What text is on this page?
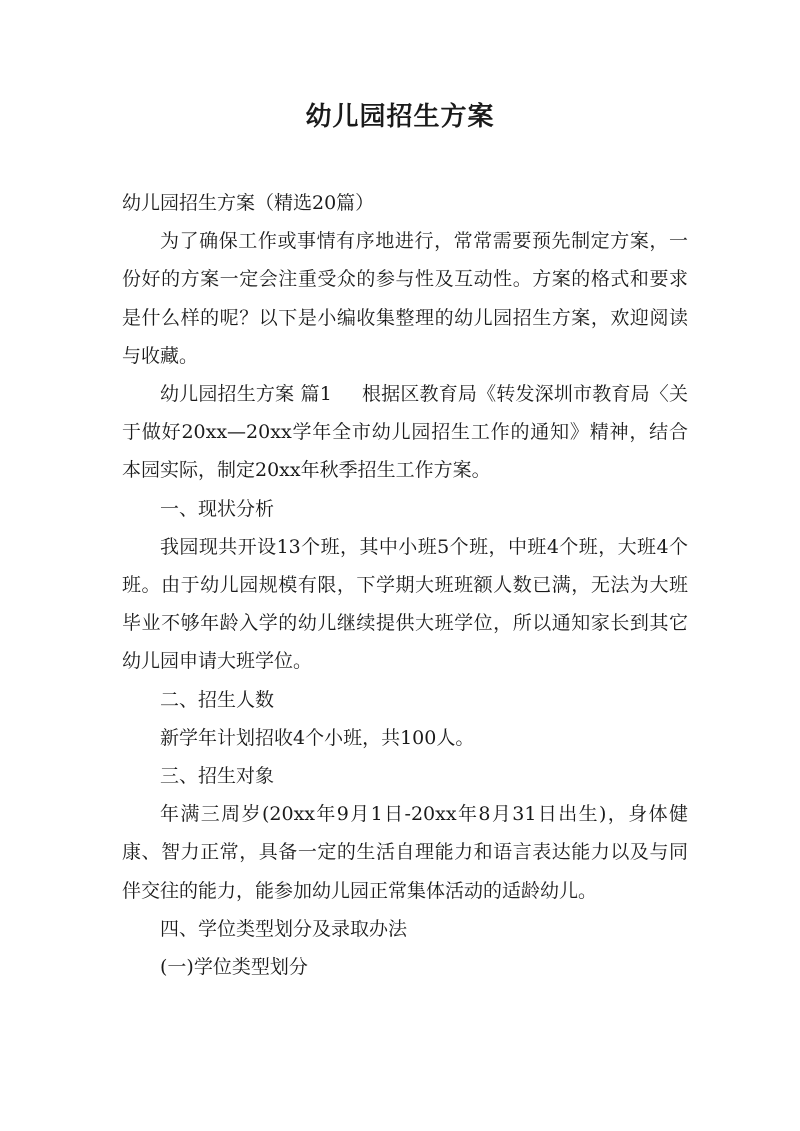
幼儿园招生方案

幼儿园招生方案（精选20篇）

为了确保工作或事情有序地进行，常常需要预先制定方案，一份好的方案一定会注重受众的参与性及互动性。方案的格式和要求是什么样的呢？以下是小编收集整理的幼儿园招生方案，欢迎阅读与收藏。

幼儿园招生方案 篇1 根据区教育局《转发深圳市教育局〈关于做好20xx—20xx学年全市幼儿园招生工作的通知》精神，结合本园实际，制定20xx年秋季招生工作方案。

一、现状分析

我园现共开设13个班，其中小班5个班，中班4个班，大班4个班。由于幼儿园规模有限，下学期大班班额人数已满，无法为大班毕业不够年龄入学的幼儿继续提供大班学位，所以通知家长到其它幼儿园申请大班学位。

二、招生人数

新学年计划招收4个小班，共100人。

三、招生对象

年满三周岁(20xx年9月1日-20xx年8月31日出生)，身体健康、智力正常，具备一定的生活自理能力和语言表达能力以及与同伴交往的能力，能参加幼儿园正常集体活动的适龄幼儿。

四、学位类型划分及录取办法

(一)学位类型划分
